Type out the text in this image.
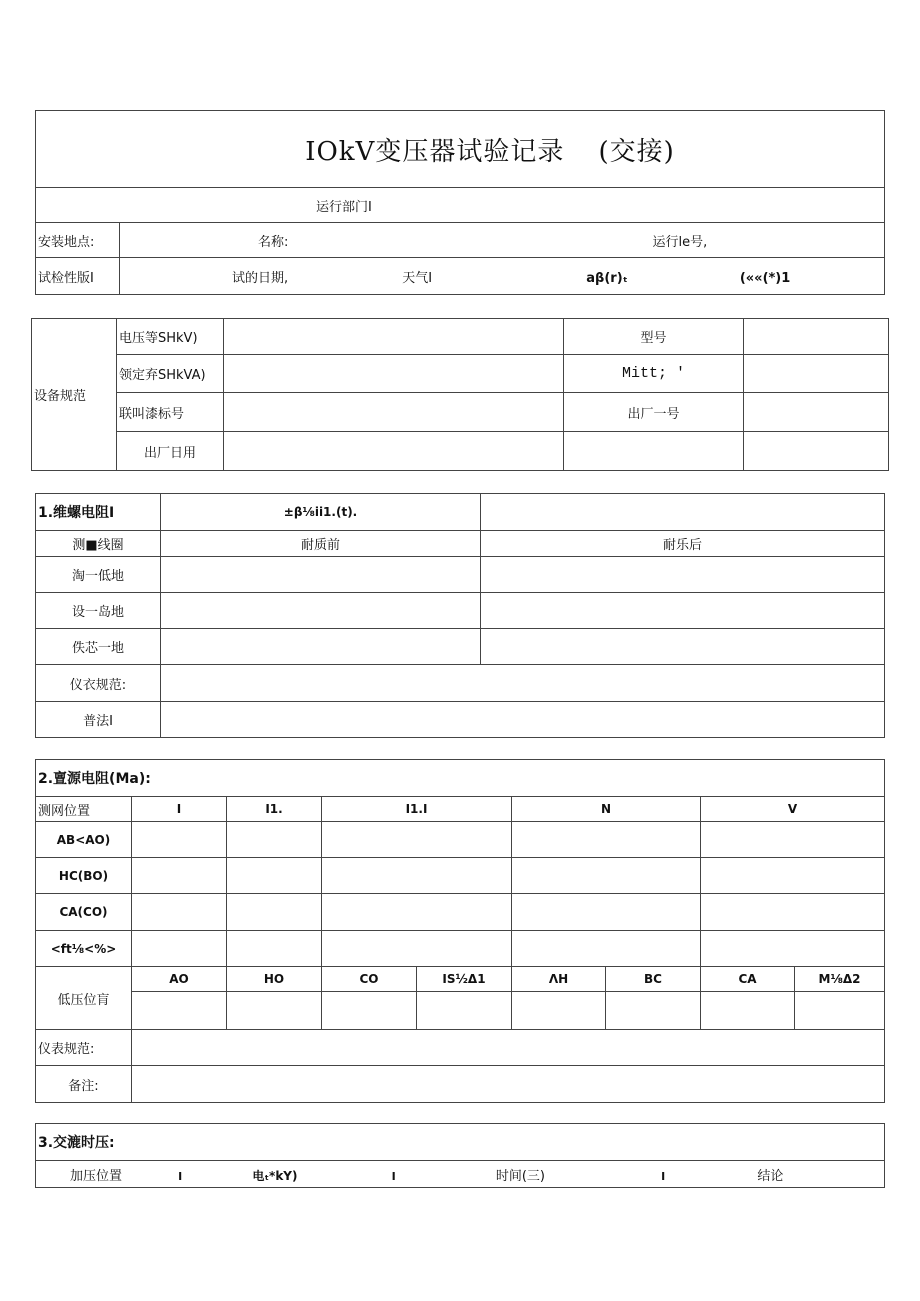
IOkV变压器试验记录 (交接)	
运行部门I	
安装地点:	名称: 运行le号,
试检性版I	试的日期, 天气I aβ(r)ₜ (««(*)1
设备规范	电压等SHkV)		型号	
	领定弃SHkVA)		Mitt; '	
	联叫漆标号		出厂一号	
	出厂日用			
1.维螺电阻I	±β⅛ii1.(t).	
测■线圈	耐质前	耐乐后
淘一低地		
设一岛地		
佚芯一地		
仪衣规范:		
普法I		
2.亶源电阻(Ma):								
测网位置	I	I1.	I1.I		N		V	
AB<AO)								
HC(BO)								
CA(CO)								
<ft⅛<%>								
低压位肓	AO	HO	CO	IS½Δ1	ΛH	BC	CA	M⅛Δ2

仪表规范:								
备注:								
3.交漉时压:
加压位置	I	电ₜ*kY)	I	时间(三)	I	结论
